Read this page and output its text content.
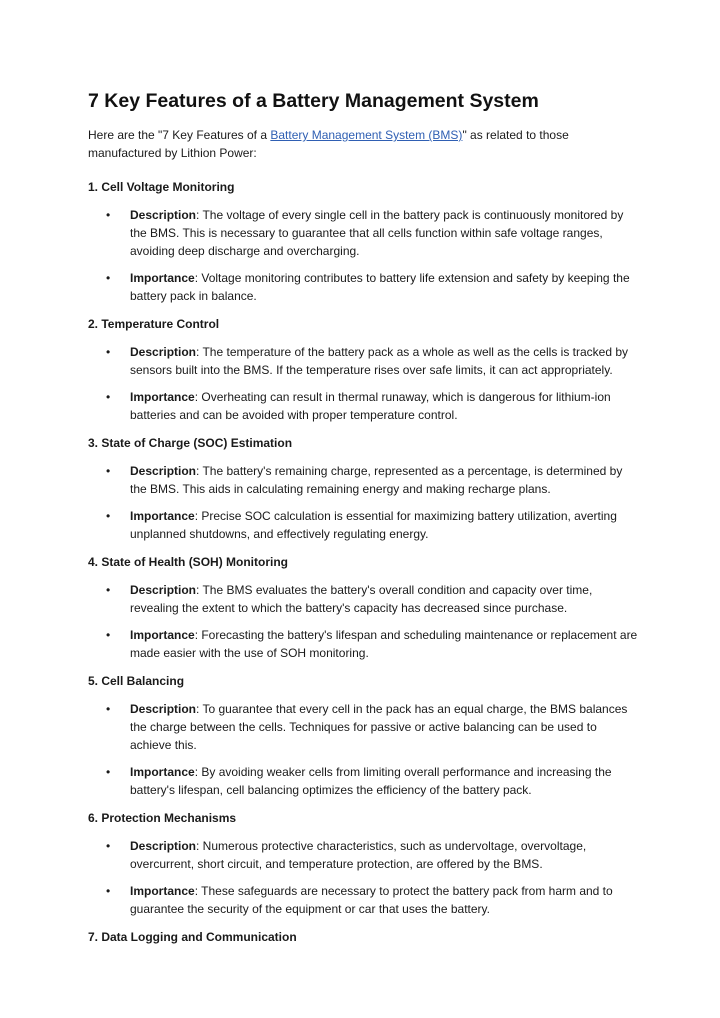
7 Key Features of a Battery Management System

Here are the "7 Key Features of a Battery Management System (BMS)" as related to those manufactured by Lithion Power:

1. Cell Voltage Monitoring
• Description: The voltage of every single cell in the battery pack is continuously monitored by the BMS. This is necessary to guarantee that all cells function within safe voltage ranges, avoiding deep discharge and overcharging.
• Importance: Voltage monitoring contributes to battery life extension and safety by keeping the battery pack in balance.
2. Temperature Control
• Description: The temperature of the battery pack as a whole as well as the cells is tracked by sensors built into the BMS. If the temperature rises over safe limits, it can act appropriately.
• Importance: Overheating can result in thermal runaway, which is dangerous for lithium-ion batteries and can be avoided with proper temperature control.
3. State of Charge (SOC) Estimation
• Description: The battery's remaining charge, represented as a percentage, is determined by the BMS. This aids in calculating remaining energy and making recharge plans.
• Importance: Precise SOC calculation is essential for maximizing battery utilization, averting unplanned shutdowns, and effectively regulating energy.
4. State of Health (SOH) Monitoring
• Description: The BMS evaluates the battery's overall condition and capacity over time, revealing the extent to which the battery's capacity has decreased since purchase.
• Importance: Forecasting the battery's lifespan and scheduling maintenance or replacement are made easier with the use of SOH monitoring.
5. Cell Balancing
• Description: To guarantee that every cell in the pack has an equal charge, the BMS balances the charge between the cells. Techniques for passive or active balancing can be used to achieve this.
• Importance: By avoiding weaker cells from limiting overall performance and increasing the battery's lifespan, cell balancing optimizes the efficiency of the battery pack.
6. Protection Mechanisms
• Description: Numerous protective characteristics, such as undervoltage, overvoltage, overcurrent, short circuit, and temperature protection, are offered by the BMS.
• Importance: These safeguards are necessary to protect the battery pack from harm and to guarantee the security of the equipment or car that uses the battery.
7. Data Logging and Communication
